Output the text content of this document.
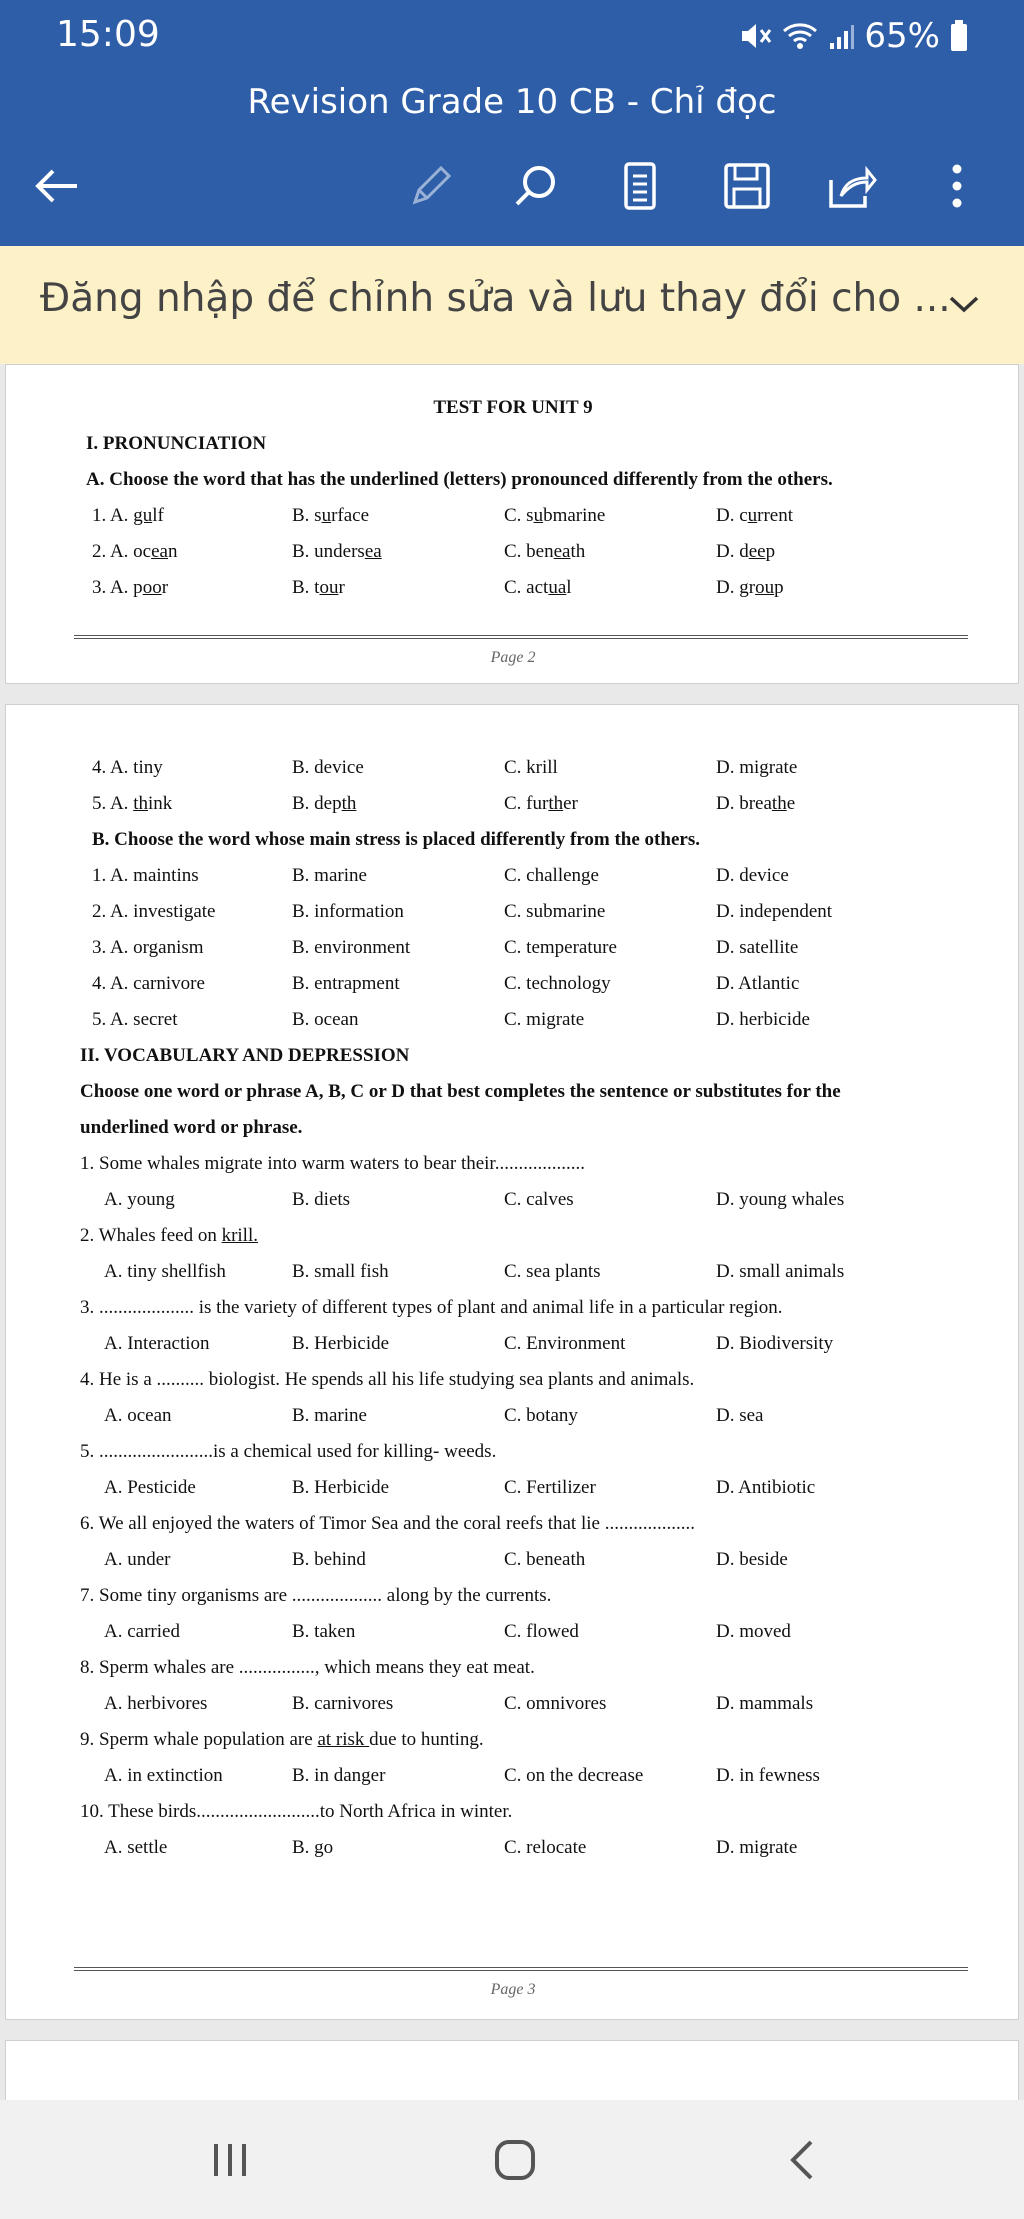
15:09	65%
Revision Grade 10 CB - Chỉ đọc
Đăng nhập để chỉnh sửa và lưu thay đổi cho ...
TEST FOR UNIT 9
I. PRONUNCIATION
A. Choose the word that has the underlined (letters) pronounced differently from the others.
1. A. gulf	B. surface	C. submarine	D. current
2. A. ocean	B. undersea	C. beneath	D. deep
3. A. poor	B. tour	C. actual	D. group
Page 2
4. A. tiny	B. device	C. krill	D. migrate
5. A. think	B. depth	C. further	D. breathe
B. Choose the word whose main stress is placed differently from the others.
1. A. maintins	B. marine	C. challenge	D. device
2. A. investigate	B. information	C. submarine	D. independent
3. A. organism	B. environment	C. temperature	D. satellite
4. A. carnivore	B. entrapment	C. technology	D. Atlantic
5. A. secret	B. ocean	C. migrate	D. herbicide
II. VOCABULARY AND DEPRESSION
Choose one word or phrase A, B, C or D that best completes the sentence or substitutes for the
underlined word or phrase.
1. Some whales migrate into warm waters to bear their...................
A. young	B. diets	C. calves	D. young whales
2. Whales feed on krill.
A. tiny shellfish	B. small fish	C. sea plants	D. small animals
3. .................... is the variety of different types of plant and animal life in a particular region.
A. Interaction	B. Herbicide	C. Environment	D. Biodiversity
4. He is a .......... biologist. He spends all his life studying sea plants and animals.
A. ocean	B. marine	C. botany	D. sea
5. ........................is a chemical used for killing- weeds.
A. Pesticide	B. Herbicide	C. Fertilizer	D. Antibiotic
6. We all enjoyed the waters of Timor Sea and the coral reefs that lie ...................
A. under	B. behind	C. beneath	D. beside
7. Some tiny organisms are ................... along by the currents.
A. carried	B. taken	C. flowed	D. moved
8. Sperm whales are ................, which means they eat meat.
A. herbivores	B. carnivores	C. omnivores	D. mammals
9. Sperm whale population are at risk due to hunting.
A. in extinction	B. in danger	C. on the decrease	D. in fewness
10. These birds..........................to North Africa in winter.
A. settle	B. go	C. relocate	D. migrate
Page 3
